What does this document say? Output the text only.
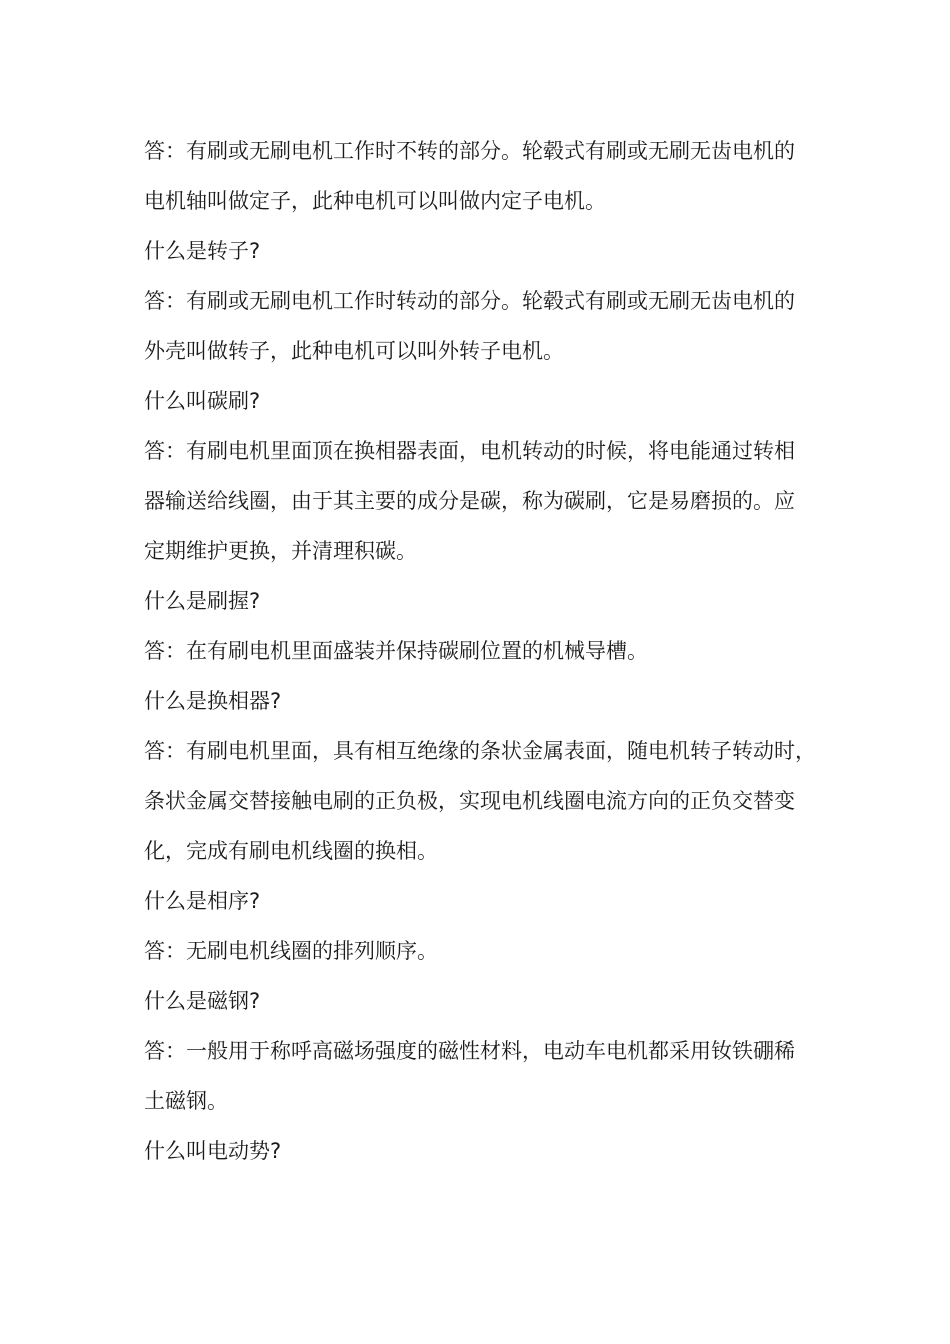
答：有刷或无刷电机工作时不转的部分。轮毂式有刷或无刷无齿电机的
电机轴叫做定子，此种电机可以叫做内定子电机。
什么是转子?
答：有刷或无刷电机工作时转动的部分。轮毂式有刷或无刷无齿电机的
外壳叫做转子，此种电机可以叫外转子电机。
什么叫碳刷?
答：有刷电机里面顶在换相器表面，电机转动的时候，将电能通过转相
器输送给线圈，由于其主要的成分是碳，称为碳刷，它是易磨损的。应
定期维护更换，并清理积碳。
什么是刷握?
答：在有刷电机里面盛装并保持碳刷位置的机械导槽。
什么是换相器?
答：有刷电机里面，具有相互绝缘的条状金属表面，随电机转子转动时，
条状金属交替接触电刷的正负极，实现电机线圈电流方向的正负交替变
化，完成有刷电机线圈的换相。
什么是相序?
答：无刷电机线圈的排列顺序。
什么是磁钢?
答：一般用于称呼高磁场强度的磁性材料，电动车电机都采用钕铁硼稀
土磁钢。
什么叫电动势?
